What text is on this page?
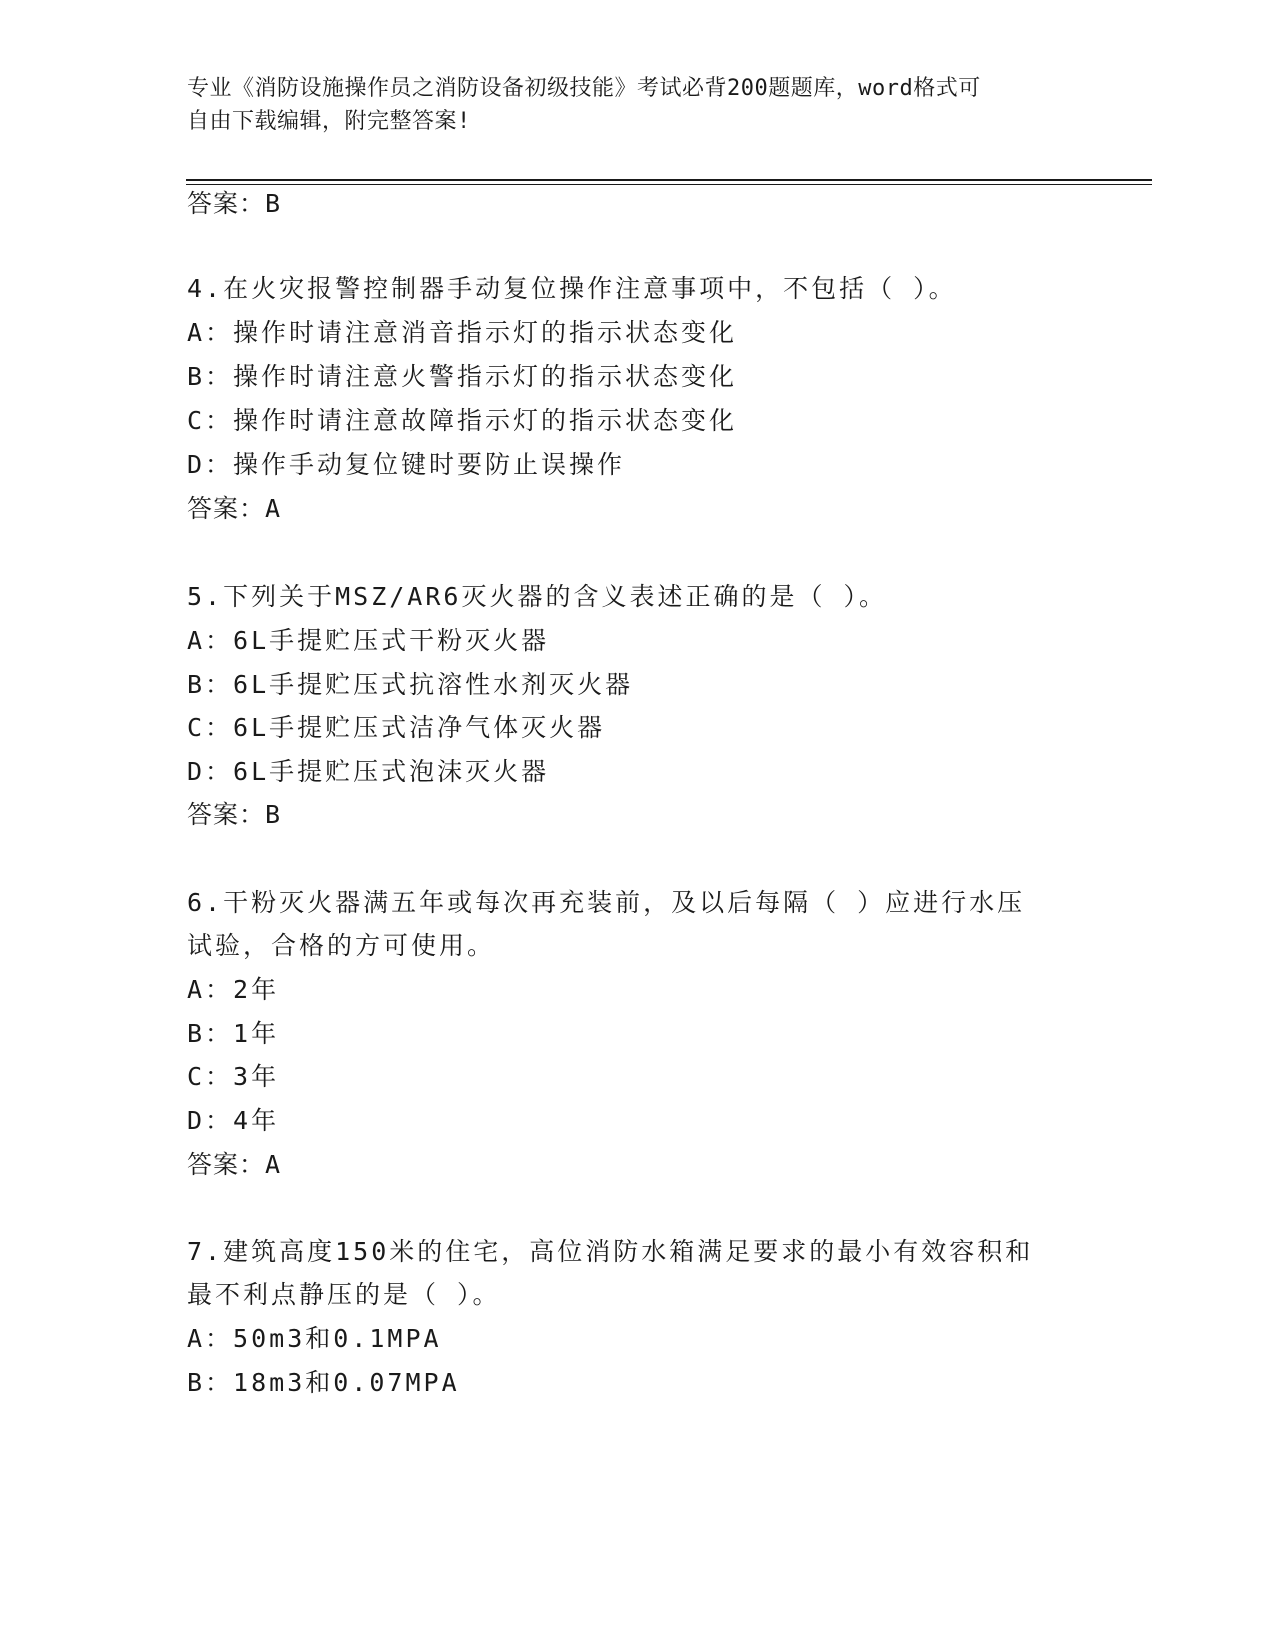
专业《消防设施操作员之消防设备初级技能》考试必背200题题库，word格式可
自由下载编辑，附完整答案!
答案：B
4.在火灾报警控制器手动复位操作注意事项中，不包括（ ）。
A：操作时请注意消音指示灯的指示状态变化
B：操作时请注意火警指示灯的指示状态变化
C：操作时请注意故障指示灯的指示状态变化
D：操作手动复位键时要防止误操作
答案：A
5.下列关于MSZ/AR6灭火器的含义表述正确的是（ ）。
A：6L手提贮压式干粉灭火器
B：6L手提贮压式抗溶性水剂灭火器
C：6L手提贮压式洁净气体灭火器
D：6L手提贮压式泡沫灭火器
答案：B
6.干粉灭火器满五年或每次再充装前，及以后每隔（ ）应进行水压
试验，合格的方可使用。
A：2年
B：1年
C：3年
D：4年
答案：A
7.建筑高度150米的住宅，高位消防水箱满足要求的最小有效容积和
最不利点静压的是（ ）。
A：50m3和0.1MPA
B：18m3和0.07MPA
